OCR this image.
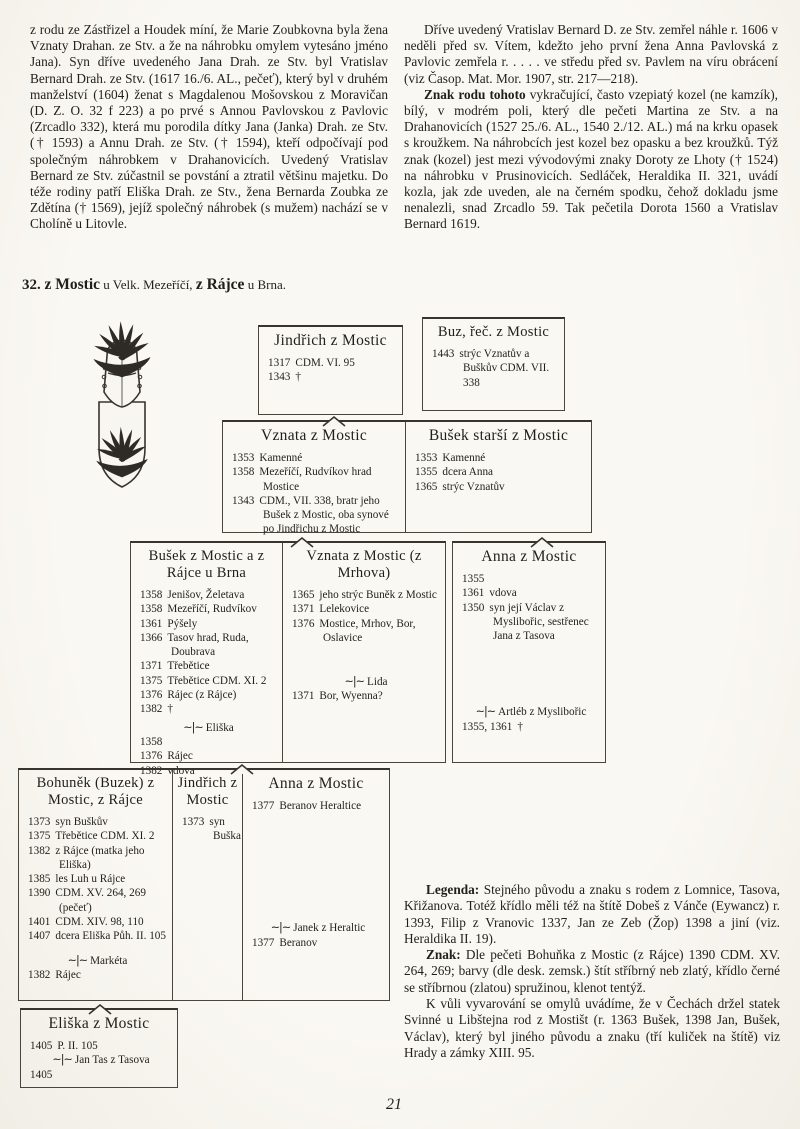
z rodu ze Zástřizel a Houdek míní, že Marie Zoubkovna byla žena Vznaty Drahan. ze Stv. a že na náhrobku omylem vytesáno jméno Jana). Syn dříve uvedeného Jana Drah. ze Stv. byl Vratislav Bernard Drah. ze Stv. (1617 16./6. AL., pečeť), který byl v druhém manželství (1604) ženat s Magdalenou Mošovskou z Moravičan (D. Z. O. 32 f 223) a po prvé s Annou Pavlovskou z Pavlovic (Zrcadlo 332), která mu porodila dítky Jana (Janka) Drah. ze Stv. († 1593) a Annu Drah. ze Stv. († 1594), kteří odpočívají pod společným náhrobkem v Drahanovicích. Uvedený Vratislav Bernard ze Stv. zúčastnil se povstání a ztratil většinu majetku. Do téže rodiny patří Eliška Drah. ze Stv., žena Bernarda Zoubka ze Zdětína († 1569), jejíž společný náhrobek (s mužem) nachází se v Cholíně u Litovle.

Dříve uvedený Vratislav Bernard D. ze Stv. zemřel náhle r. 1606 v neděli před sv. Vítem, kdežto jeho první žena Anna Pavlovská z Pavlovic zemřela r. . . . . ve středu před sv. Pavlem na víru obrácení (viz Časop. Mat. Mor. 1907, str. 217—218).

Znak rodu tohoto vykračující, často vzepiatý kozel (ne kamzík), bílý, v modrém poli, který dle pečeti Martina ze Stv. a na Drahanovicích (1527 25./6. AL., 1540 2./12. AL.) má na krku opasek s kroužkem. Na náhrobcích jest kozel bez opasku a bez kroužků. Týž znak (kozel) jest mezi vývodovými znaky Doroty ze Lhoty († 1524) na náhrobku v Prusinovicích. Sedláček, Heraldika II. 321, uvádí kozla, jak zde uveden, ale na černém spodku, čehož dokladu jsme nenalezli, snad Zrcadlo 59. Tak pečetila Dorota 1560 a Vratislav Bernard 1619.

32. z Mostic u Velk. Mezeříčí, z Rájce u Brna.
Jindřich z Mostic
1317 CDM. VI. 95
1343 †
Buz, řeč. z Mostic
1443 strýc Vznatův a Buškův CDM. VII. 338
Vznata z Mostic
1353 Kamenné
1358 Mezeříčí, Rudvíkov hrad Mostice
1343 CDM., VII. 338, bratr jeho Bušek z Mostic, oba synové po Jindřichu z Mostic
Bušek starší z Mostic
1353 Kamenné
1355 dcera Anna
1365 strýc Vznatův
Bušek z Mostic a z Rájce u Brna
1358 Jenišov, Želetava
1358 Mezeříčí, Rudvíkov
1361 Pýšely
1366 Tasov hrad, Ruda, Doubrava
1371 Třebětice
1375 Třebětice CDM. XI. 2
1376 Rájec (z Rájce)
1382 †
~|~ Eliška
1358
1376 Rájec
1382 vdova
Vznata z Mostic (z Mrhova)
1365 jeho strýc Buněk z Mostic
1371 Lelekovice
1376 Mostice, Mrhov, Bor, Oslavice
~|~ Lida
1371 Bor, Wyenna?
Anna z Mostic
1355
1361 vdova
1350 syn její Václav z Myslibořic, sestřenec Jana z Tasova
~|~ Artléb z Myslibořic
1355, 1361 †
Bohuněk (Buzek) z Mostic, z Rájce
1373 syn Buškův
1375 Třebětice CDM. XI. 2
1382 z Rájce (matka jeho Eliška)
1385 les Luh u Rájce
1390 CDM. XV. 264, 269 (pečeť)
1401 CDM. XIV. 98, 110
1407 dcera Eliška Půh. II. 105
~|~ Markéta
1382 Rájec
Jindřich z Mostic
1373 syn Buška
Anna z Mostic
1377 Beranov Heraltice
~|~ Janek z Heraltic
1377 Beranov
Eliška z Mostic
1405 P. II. 105
~|~ Jan Tas z Tasova
1405

Legenda: Stejného původu a znaku s rodem z Lomnice, Tasova, Křižanova. Totéž křídlo měli též na štítě Dobeš z Vánče (Eywancz) r. 1393, Filip z Vranovic 1337, Jan ze Zeb (Žop) 1398 a jiní (viz. Heraldika II. 19).

Znak: Dle pečeti Bohuňka z Mostic (z Rájce) 1390 CDM. XV. 264, 269; barvy (dle desk. zemsk.) štít stříbrný neb zlatý, křídlo černé se stříbrnou (zlatou) spružinou, klenot tentýž.

K vůli vyvarování se omylů uvádíme, že v Čechách držel statek Svinné u Libštejna rod z Mostišt (r. 1363 Bušek, 1398 Jan, Bušek, Václav), který byl jiného původu a znaku (tří kuliček na štítě) viz Hrady a zámky XIII. 95.

21
